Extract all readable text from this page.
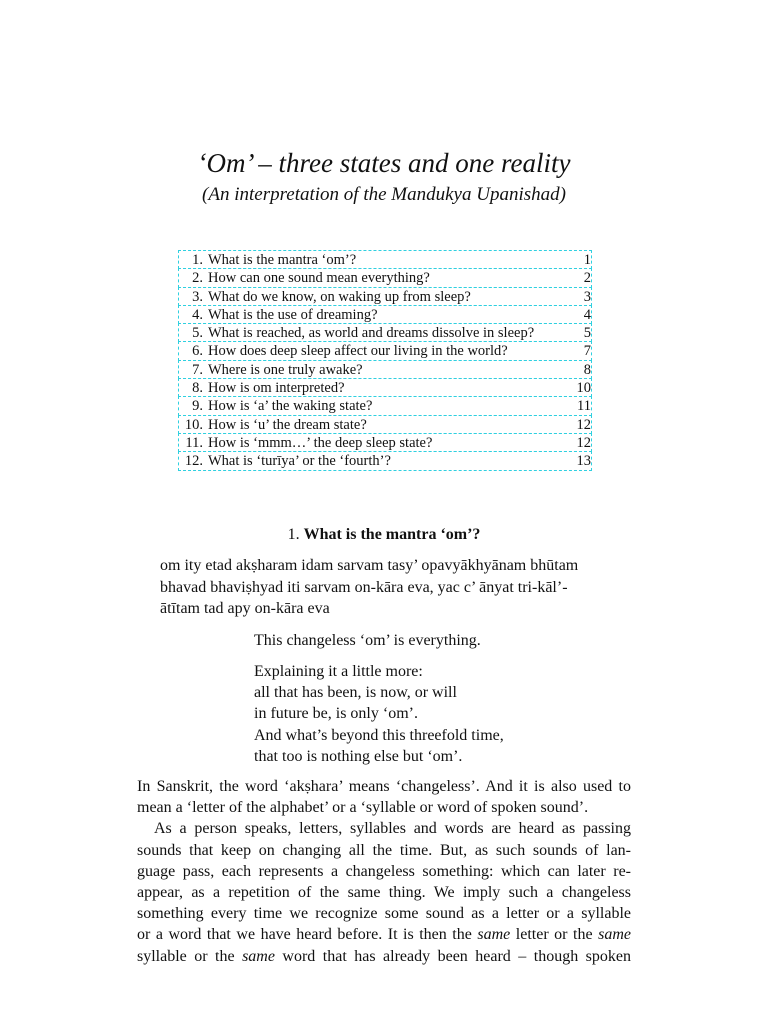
‘Om’ – three states and one reality
(An interpretation of the Mandukya Upanishad)
1. What is the mantra ‘om’?	1
2. How can one sound mean everything?	2
3. What do we know, on waking up from sleep?	3
4. What is the use of dreaming?	4
5. What is reached, as world and dreams dissolve in sleep?	5
6. How does deep sleep affect our living in the world?	7
7. Where is one truly awake?	8
8. How is om interpreted?	10
9. How is ‘a’ the waking state?	11
10. How is ‘u’ the dream state?	12
11. How is ‘mmm…’ the deep sleep state?	12
12. What is ‘turīya’ or the ‘fourth’?	13
1. What is the mantra ‘om’?
om ity etad akṣharam idam sarvam tasy’ opavyākhyānam bhūtam
bhavad bhaviṣhyad iti sarvam on-kāra eva, yac c’ ānyat tri-kāl’-
ātītam tad apy on-kāra eva
This changeless ‘om’ is everything.
Explaining it a little more:
all that has been, is now, or will
in future be, is only ‘om’.
And what’s beyond this threefold time,
that too is nothing else but ‘om’.
In Sanskrit, the word ‘akṣhara’ means ‘changeless’. And it is also used to
mean a ‘letter of the alphabet’ or a ‘syllable or word of spoken sound’.
As a person speaks, letters, syllables and words are heard as passing
sounds that keep on changing all the time. But, as such sounds of lan-
guage pass, each represents a changeless something: which can later re-
appear, as a repetition of the same thing. We imply such a changeless
something every time we recognize some sound as a letter or a syllable
or a word that we have heard before. It is then the same letter or the same
syllable or the same word that has already been heard – though spoken
